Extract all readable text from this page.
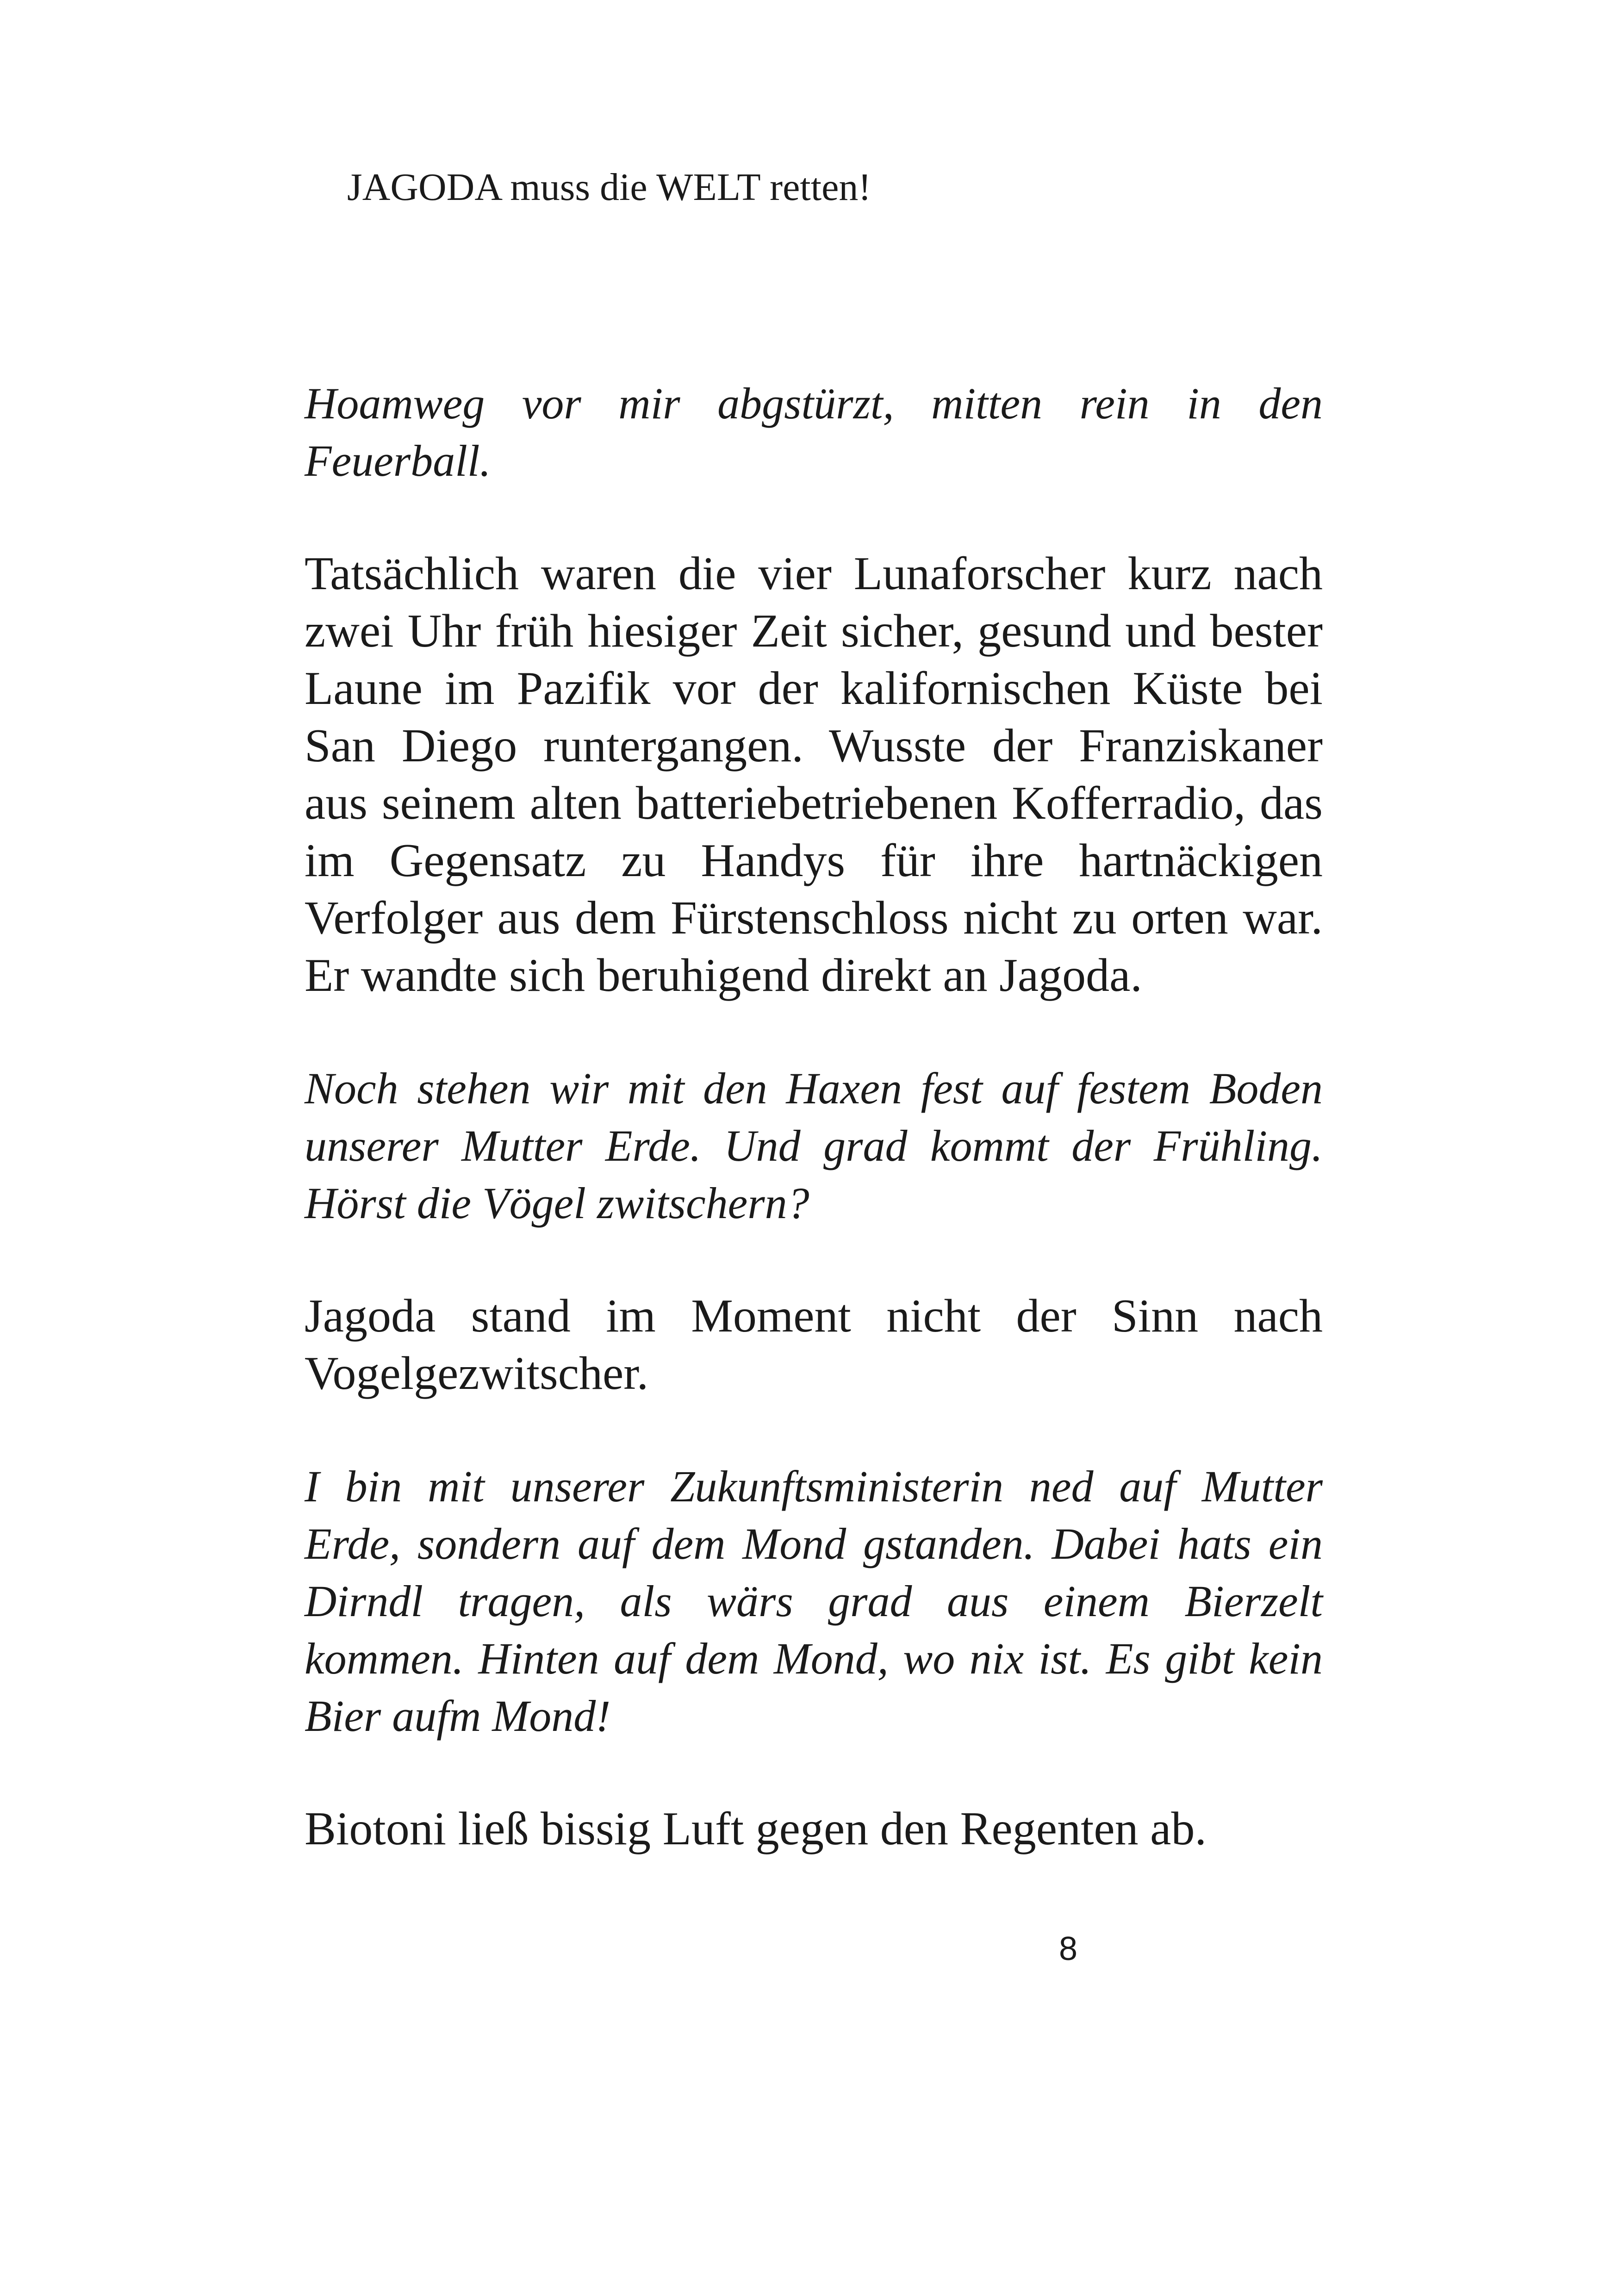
JAGODA muss die WELT retten!

Hoamweg vor mir abgstürzt, mitten rein in den Feuerball.

Tatsächlich waren die vier Lunaforscher kurz nach zwei Uhr früh hiesiger Zeit sicher, gesund und bester Laune im Pazifik vor der kalifornischen Küste bei San Diego runtergangen. Wusste der Franziskaner aus seinem alten batteriebetriebenen Kofferradio, das im Gegensatz zu Handys für ihre hartnäckigen Verfolger aus dem Fürstenschloss nicht zu orten war. Er wandte sich beruhigend direkt an Jagoda.

Noch stehen wir mit den Haxen fest auf festem Boden unserer Mutter Erde. Und grad kommt der Frühling. Hörst die Vögel zwitschern?

Jagoda stand im Moment nicht der Sinn nach Vogelgezwitscher.

I bin mit unserer Zukunftsministerin ned auf Mutter Erde, sondern auf dem Mond gstanden. Dabei hats ein Dirndl tragen, als wärs grad aus einem Bierzelt kommen. Hinten auf dem Mond, wo nix ist. Es gibt kein Bier aufm Mond!

Biotoni ließ bissig Luft gegen den Regenten ab.

8
